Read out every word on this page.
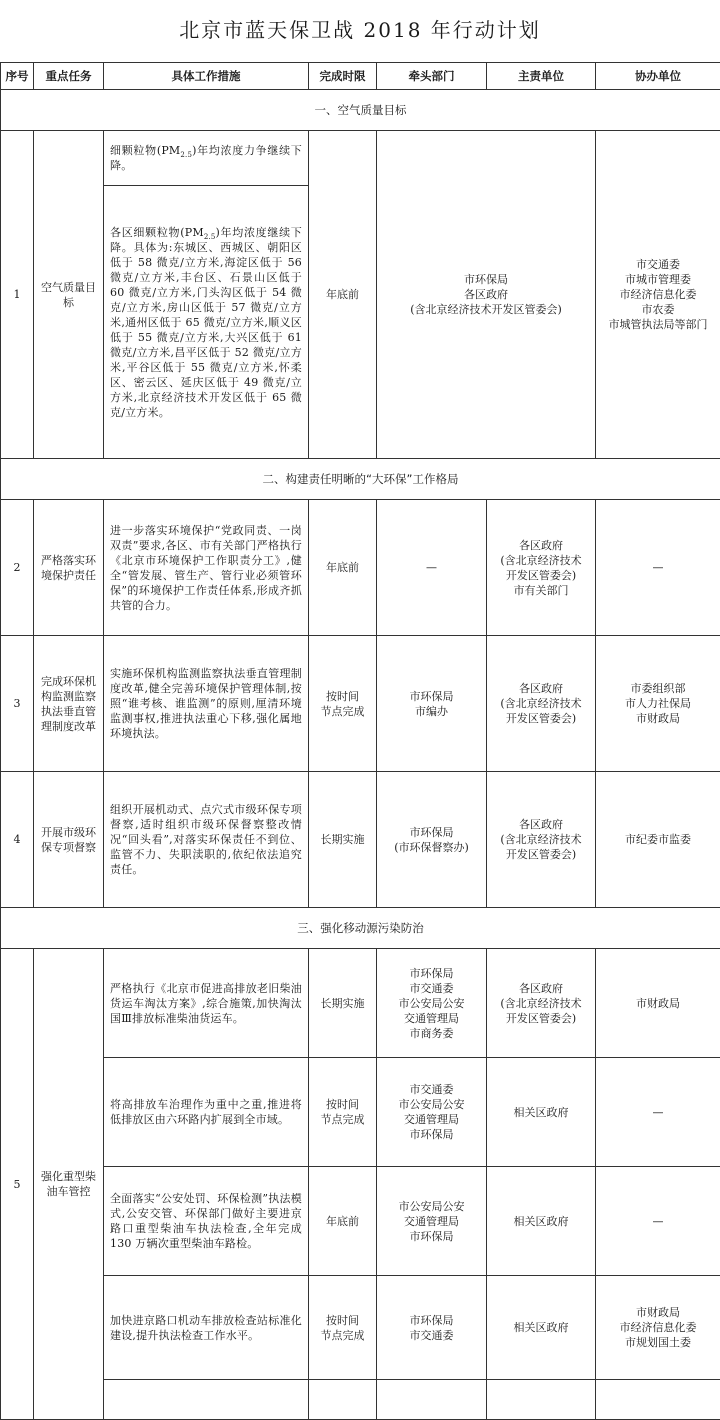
北京市蓝天保卫战 2018 年行动计划
序号	重点任务	具体工作措施	完成时限	牵头部门	主责单位	协办单位
一、空气质量目标						
1	空气质量目标	细颗粒物$(PM_{2.5})$年均浓度力争继续下降。	年底前	市环保局
各区政府
(含北京经济技术开发区管委会)		市交通委
市城市管理委
市经济信息化委
市农委
市城管执法局等部门

		各区细颗粒物$(PM_{2.5})$年均浓度继续下降。具体为:东城区、西城区、朝阳区低于 58 微克/立方米,海淀区低于 56 微克/立方米,丰台区、石景山区低于 60 微克/立方米,门头沟区低于 54 微克/立方米,房山区低于 57 微克/立方米,通州区低于 65 微克/立方米,顺义区低于 55 微克/立方米,大兴区低于 61 微克/立方米,昌平区低于 52 微克/立方米,平谷区低于 55 微克/立方米,怀柔区、密云区、延庆区低于 49 微克/立方米,北京经济技术开发区低于 65 微克/立方米。				
二、构建责任明晰的“大环保”工作格局						
2	严格落实环境保护责任	进一步落实环境保护“党政同责、一岗双责”要求,各区、市有关部门严格执行《北京市环境保护工作职责分工》,健全“管发展、管生产、管行业必须管环保”的环境保护工作责任体系,形成齐抓共管的合力。	年底前	—	各区政府
(含北京经济技术
开发区管委会)
市有关部门	—
3	完成环保机构监测监察执法垂直管理制度改革	实施环保机构监测监察执法垂直管理制度改革,健全完善环境保护管理体制,按照“谁考核、谁监测”的原则,厘清环境监测事权,推进执法重心下移,强化属地环境执法。	按时间
节点完成	市环保局
市编办	各区政府
(含北京经济技术
开发区管委会)	市委组织部
市人力社保局
市财政局

4	开展市级环保专项督察	组织开展机动式、点穴式市级环保专项督察,适时组织市级环保督察整改情况“回头看”,对落实环保责任不到位、监管不力、失职渎职的,依纪依法追究责任。	长期实施	市环保局
(市环保督察办)	各区政府
(含北京经济技术
开发区管委会)	市纪委市监委
三、强化移动源污染防治						
5	强化重型柴油车管控	严格执行《北京市促进高排放老旧柴油货运车淘汰方案》,综合施策,加快淘汰国Ⅲ排放标准柴油货运车。	长期实施	市环保局
市交通委
市公安局公安
交通管理局
市商务委	各区政府
(含北京经济技术
开发区管委会)	市财政局
		将高排放车治理作为重中之重,推进将低排放区由六环路内扩展到全市域。	按时间
节点完成	市交通委
市公安局公安
交通管理局
市环保局	相关区政府	—
		全面落实“公安处罚、环保检测”执法模式,公安交管、环保部门做好主要进京路口重型柴油车执法检查,全年完成 130 万辆次重型柴油车路检。	年底前	市公安局公安
交通管理局
市环保局	相关区政府	—
		加快进京路口机动车排放检查站标准化建设,提升执法检查工作水平。	按时间
节点完成	市环保局
市交通委	相关区政府	市财政局
市经济信息化委
市规划国土委
